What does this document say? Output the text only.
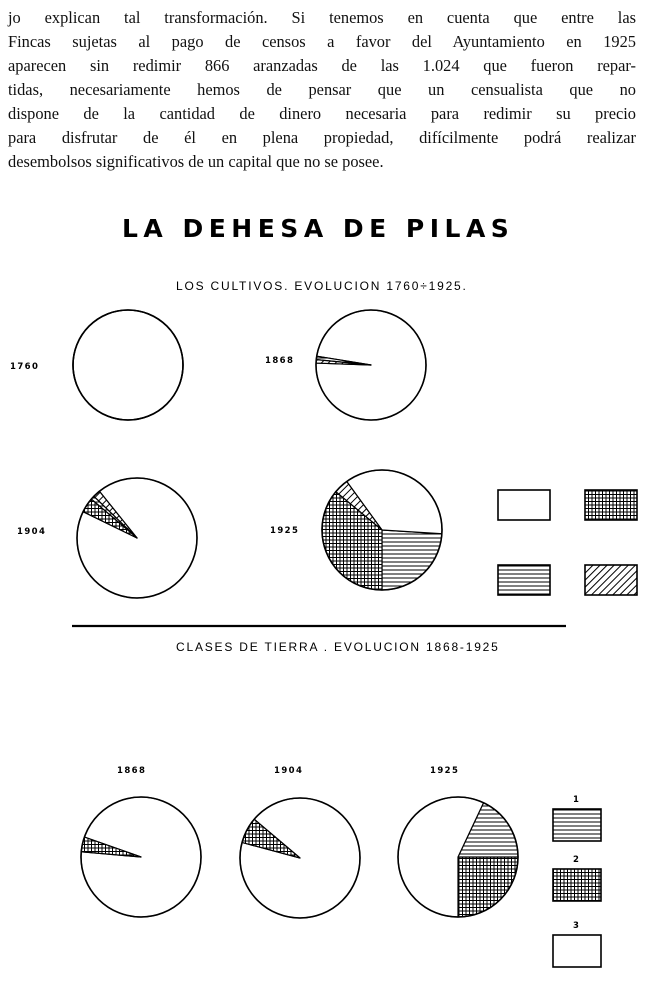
jo explican tal transformación. Si tenemos en cuenta que entre las
Fincas sujetas al pago de censos a favor del Ayuntamiento en 1925
aparecen sin redimir 866 aranzadas de las 1.024 que fueron repar-
tidas, necesariamente hemos de pensar que un censualista que no
dispone de la cantidad de dinero necesaria para redimir su precio
para disfrutar de él en plena propiedad, difícilmente podrá realizar
desembolsos significativos de un capital que no se posee.
LA DEHESA DE PILAS
LOS CULTIVOS. EVOLUCION 1760÷1925.
CLASES DE TIERRA . EVOLUCION 1868-1925
1760
1868
1904	1925
1868	1904	1925
1
2
3
